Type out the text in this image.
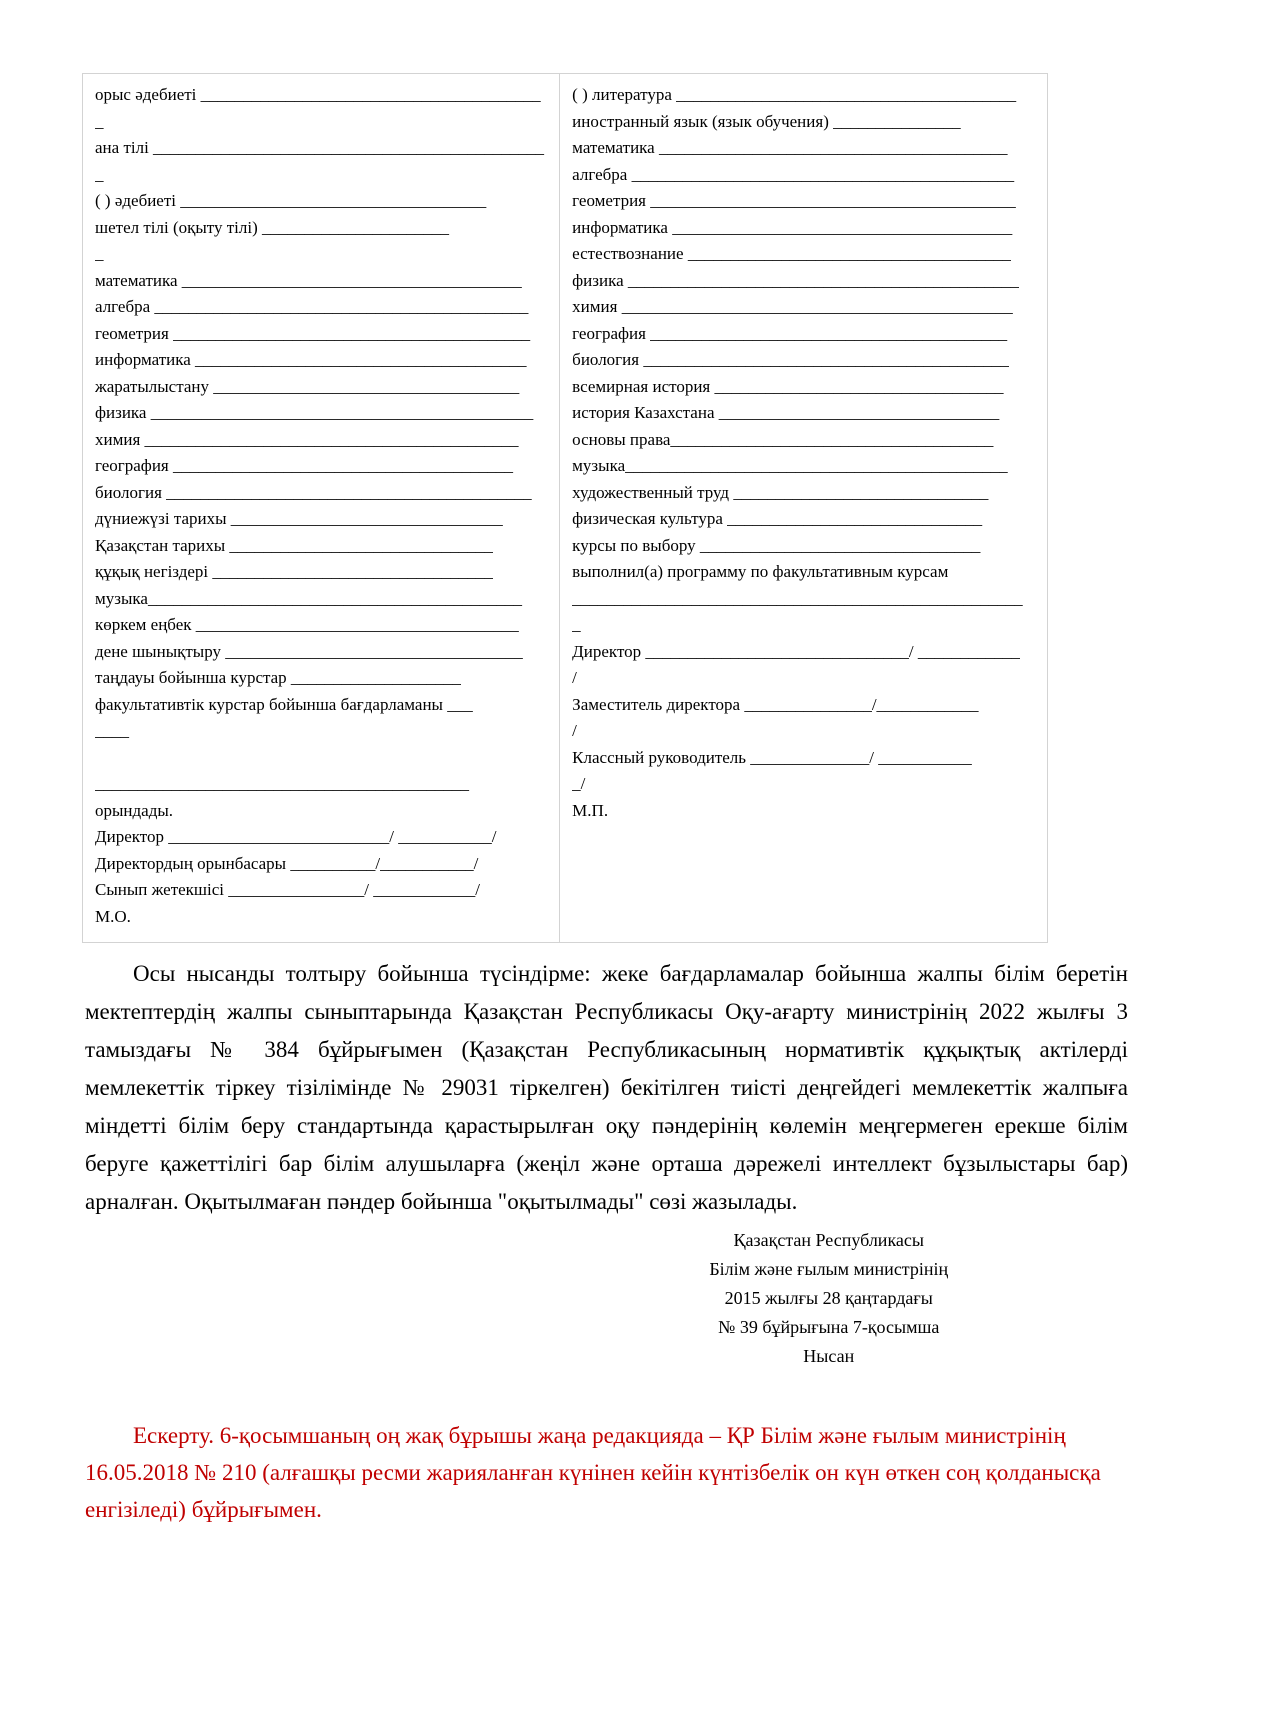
орыс әдебиеті ________________________________________
_
ана тілі ______________________________________________
_
( ) әдебиеті ____________________________________
шетел тілі (оқыту тілі) ______________________
_
математика ________________________________________
алгебра ____________________________________________
геометрия __________________________________________
информатика _______________________________________
жаратылыстану ____________________________________
физика _____________________________________________
химия ____________________________________________
география ________________________________________
биология ___________________________________________
дүниежүзі тарихы ________________________________
Қазақстан тарихы _______________________________
құқық негіздері _________________________________
музыка____________________________________________
көркем еңбек ______________________________________
дене шынықтыру ___________________________________
таңдауы бойынша курстар ____________________
факультативтік курстар бойынша бағдарламаны ___
____
____________________________________________
орындады.
Директор __________________________/ ___________/
Директордың орынбасары __________/___________/
Сынып жетекшісі ________________/ ____________/
М.О.
( ) литература ________________________________________
иностранный язык (язык обучения) _______________
математика _________________________________________
алгебра _____________________________________________
геометрия ___________________________________________
информатика ________________________________________
естествознание ______________________________________
физика ______________________________________________
химия ______________________________________________
география __________________________________________
биология ___________________________________________
всемирная история __________________________________
история Казахстана _________________________________
основы права______________________________________
музыка_____________________________________________
художественный труд ______________________________
физическая культура ______________________________
курсы по выбору _________________________________
выполнил(а) программу по факультативным курсам
_____________________________________________________
_
Директор _______________________________/ ____________
/
Заместитель директора _______________/____________
/
Классный руководитель ______________/ ___________
_/
М.П.

Осы нысанды толтыру бойынша түсіндірме: жеке бағдарламалар бойынша жалпы білім беретін мектептердің жалпы сыныптарында Қазақстан Республикасы Оқу-ағарту министрінің 2022 жылғы 3 тамыздағы № 384 бұйрығымен (Қазақстан Республикасының нормативтік құқықтық актілерді мемлекеттік тіркеу тізілімінде № 29031 тіркелген) бекітілген тиісті деңгейдегі мемлекеттік жалпыға міндетті білім беру стандартында қарастырылған оқу пәндерінің көлемін меңгермеген ерекше білім беруге қажеттілігі бар білім алушыларға (жеңіл және орташа дәрежелі интеллект бұзылыстары бар) арналған. Оқытылмаған пәндер бойынша "оқытылмады" сөзі жазылады.

Қазақстан Республикасы
Білім және ғылым министрінің
2015 жылғы 28 қаңтардағы
№ 39 бұйрығына 7-қосымша
Нысан

Ескерту. 6-қосымшаның оң жақ бұрышы жаңа редакцияда – ҚР Білім және ғылым министрінің 16.05.2018 № 210 (алғашқы ресми жарияланған күнінен кейін күнтізбелік он күн өткен соң қолданысқа енгізіледі) бұйрығымен.
